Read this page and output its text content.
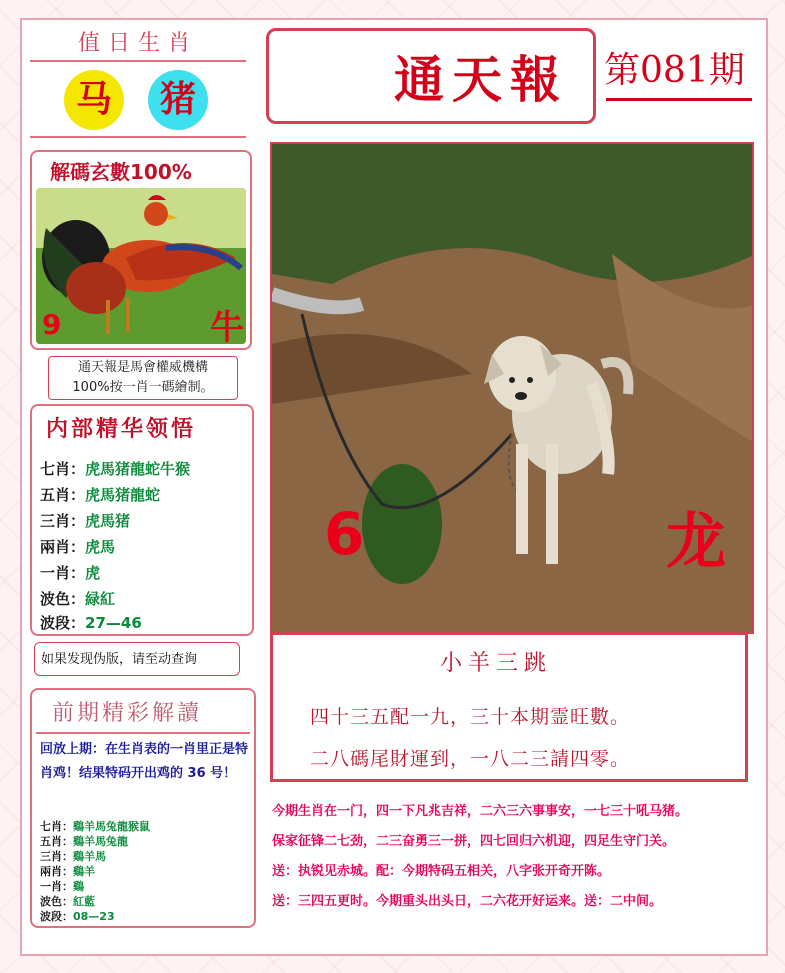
值日生肖
马	猪	通天報 第081期
解碼玄數100%
9	牛
通天報是馬會權威機構
100%按一肖一碼繪制。
内部精华领悟
七肖：虎馬猪龍蛇牛猴
五肖：虎馬猪龍蛇
三肖：虎馬猪
兩肖：虎馬
一肖：虎
波色：緑紅
波段：27—46
如果发现伪版，请至动查询
前期精彩解讀
回放上期：在生肖表的一肖里正是特肖鸡！结果特码开出鸡的 36 号！
七肖：鷄羊馬兔龍猴鼠
五肖：鷄羊馬兔龍
三肖：鷄羊馬
兩肖：鷄羊
一肖：鷄
波色：紅藍
波段：08—23
6	龙
小羊三跳
四十三五配一九，三十本期霊旺數。
二八碼尾財運到，一八二三請四零。
今期生肖在一门，四一下凡兆吉祥，二六三六事事安，一七三十吼马猪。
保家征锋二七劲，二三奋勇三一拼，四七回归六机迎，四足生守门关。
送：执锐见赤城。配：今期特码五相关，八字张开奇开陈。
送：三四五更时。今期重头出头日，二六花开好运来。送：二中间。
